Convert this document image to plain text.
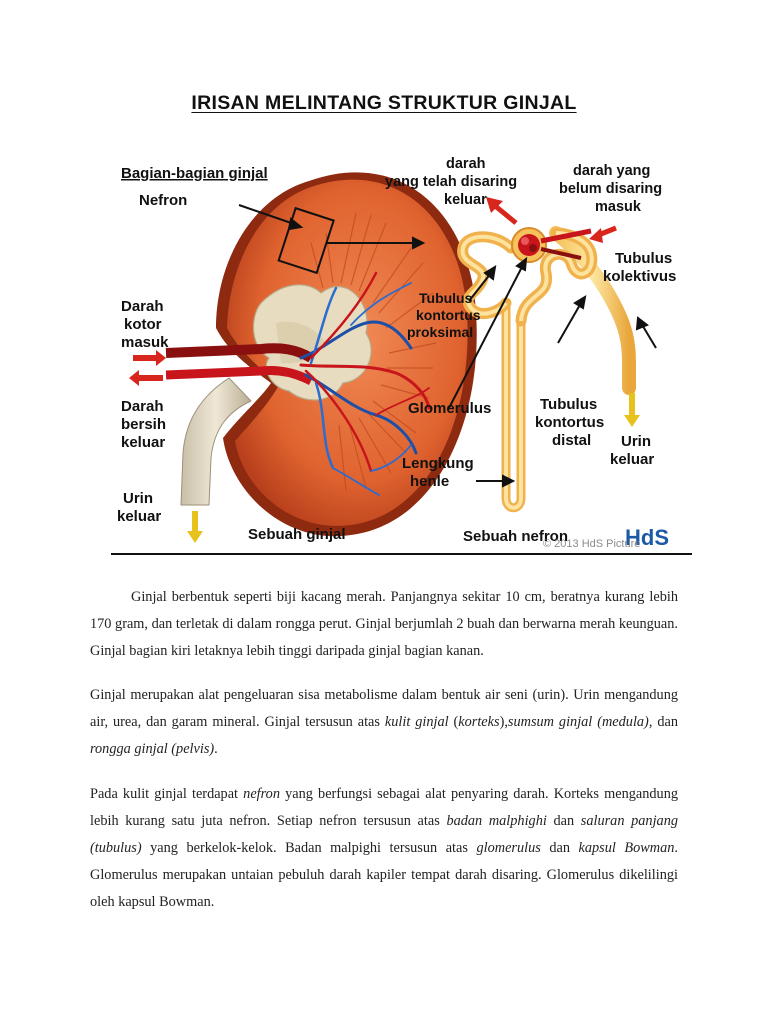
IRISAN MELINTANG STRUKTUR GINJAL
Bagian-bagian ginjal
Nefron
Darah
kotor
masuk
Darah
bersih
keluar
Urin
keluar
Sebuah ginjal
darah
yang telah disaring
keluar
darah yang
belum disaring
masuk
Tubulus
kolektivus
Tubulus
kontortus
proksimal
Glomerulus	Tubulus
kontortus
distal Urin
keluar
Lengkung
henle
Sebuah nefron	HdS
© 2013 HdS Picture

Ginjal berbentuk seperti biji kacang merah. Panjangnya sekitar 10 cm, beratnya kurang lebih 170 gram, dan terletak di dalam rongga perut. Ginjal berjumlah 2 buah dan berwarna merah keunguan. Ginjal bagian kiri letaknya lebih tinggi daripada ginjal bagian kanan.

Ginjal merupakan alat pengeluaran sisa metabolisme dalam bentuk air seni (urin). Urin mengandung air, urea, dan garam mineral. Ginjal tersusun atas kulit ginjal (korteks),sumsum ginjal (medula), dan rongga ginjal (pelvis).

Pada kulit ginjal terdapat nefron yang berfungsi sebagai alat penyaring darah. Korteks mengandung lebih kurang satu juta nefron. Setiap nefron tersusun atas badan malphighi dan saluran panjang (tubulus) yang berkelok-kelok. Badan malpighi tersusun atas glomerulus dan kapsul Bowman. Glomerulus merupakan untaian pebuluh darah kapiler tempat darah disaring. Glomerulus dikelilingi oleh kapsul Bowman.
